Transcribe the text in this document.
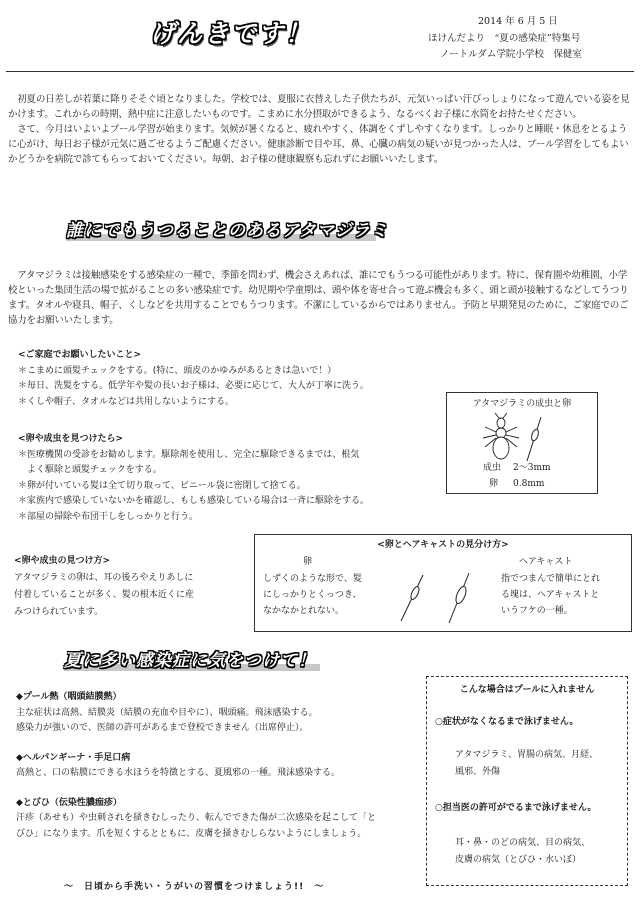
げんきです！	2014 年 6 月 5 日
ほけんだより　“夏の感染症”特集号
ノートルダム学院小学校　保健室

初夏の日差しが若葉に降りそそぐ頃となりました。学校では、夏服に衣替えした子供たちが、元気いっぱい汗びっしょりになって遊んでいる姿を見かけます。これからの時期、熱中症に注意したいものです。こまめに水分摂取ができるよう、なるべくお子様に水筒をお持たせください。

さて、今月はいよいよプール学習が始まります。気候が暑くなると、疲れやすく、体調をくずしやすくなります。しっかりと睡眠・休息をとるように心がけ、毎日お子様が元気に過ごせるようご配慮ください。健康診断で目や耳、鼻、心臓の病気の疑いが見つかった人は、プール学習をしてもよいかどうかを病院で診てもらっておいてください。毎朝、お子様の健康観察も忘れずにお願いいたします。

誰にでもうつることのあるアタマジラミ

アタマジラミは接触感染をする感染症の一種で、季節を問わず、機会さえあれば、誰にでもうつる可能性があります。特に、保育園や幼稚園、小学校といった集団生活の場で拡がることの多い感染症です。幼児期や学童期は、頭や体を寄せ合って遊ぶ機会も多く、頭と頭が接触するなどしてうつります。タオルや寝具、帽子、くしなどを共用することでもうつります。不潔にしているからではありません。予防と早期発見のために、ご家庭でのご協力をお願いいたします。

<ご家庭でお願いしたいこと>
＊こまめに頭髪チェックをする。(特に、頭皮のかゆみがあるときは急いで！）
＊毎日、洗髪をする。低学年や髪の長いお子様は、必要に応じて、大人が丁寧に洗う。
＊くしや帽子、タオルなどは共用しないようにする。
<卵や成虫を見つけたら>
＊医療機関の受診をお勧めします。駆除剤を使用し、完全に駆除できるまでは、根気
　よく駆除と頭髪チェックをする。
＊卵が付いている髪は全て切り取って、ビニール袋に密閉して捨てる。
＊家族内で感染していないかを確認し、もしも感染している場合は一斉に駆除をする。
＊部屋の掃除や布団干しをしっかりと行う。
<卵や成虫の見つけ方>
アタマジラミの卵は、耳の後ろやえりあしに
付着していることが多く、髪の根本近くに産
みつけられています。
アタマジラミの成虫と卵
成虫 2～3mm
卵 0.8mm
<卵とヘアキャストの見分け方>
卵
しずくのような形で、髪
にしっかりとくっつき、
なかなかとれない。
ヘアキャスト
指でつまんで簡単にとれ
る塊は、ヘアキャストと
いうフケの一種。
夏に多い感染症に気をつけて！
◆プール熱（咽頭結膜熱）
主な症状は高熱、結膜炎（結膜の充血や目やに）、咽頭痛。飛沫感染する。
感染力が強いので、医師の許可があるまで登校できません（出席停止）。
◆ヘルパンギーナ・手足口病
高熱と、口の粘膜にできる水ほうを特徴とする、夏風邪の一種。飛沫感染する。
◆とびひ（伝染性膿痂疹）
汗疹（あせも）や虫刺されを掻きむしったり、転んでできた傷が二次感染を起こして「と
びひ」になります。爪を短くするとともに、皮膚を掻きむしらないようにしましょう。
～　日頃から手洗い・うがいの習慣をつけましょう!!　～
こんな場合はプールに入れません
○症状がなくなるまで泳げません。
アタマジラミ、胃腸の病気、月経、
風邪、外傷
○担当医の許可がでるまで泳げません。
耳・鼻・のどの病気、目の病気、
皮膚の病気（とびひ・水いぼ）
